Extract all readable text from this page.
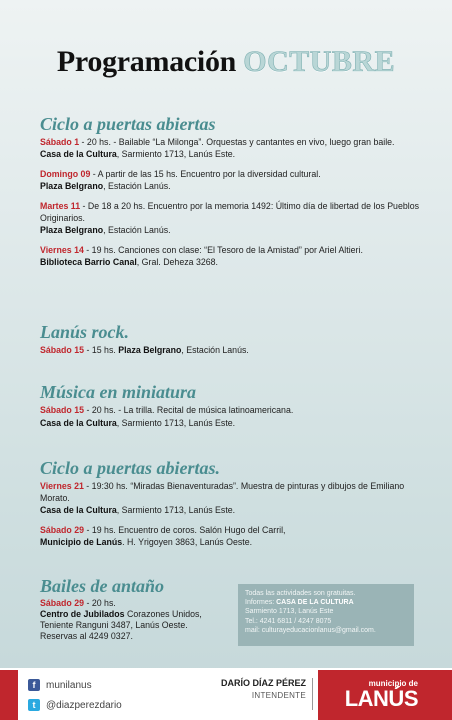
Programación OCTUBRE
Ciclo a puertas abiertas
Sábado 1 - 20 hs. - Bailable “La Milonga”. Orquestas y cantantes en vivo, luego gran baile.
Casa de la Cultura, Sarmiento 1713, Lanús Este.
Domingo 09 - A partir de las 15 hs. Encuentro por la diversidad cultural.
Plaza Belgrano, Estación Lanús.
Martes 11 - De 18 a 20 hs. Encuentro por la memoria 1492: Último día de libertad de los Pueblos Originarios.
Plaza Belgrano, Estación Lanús.
Viernes 14 - 19 hs. Canciones con clase: “El Tesoro de la Amistad” por Ariel Altieri.
Biblioteca Barrio Canal, Gral. Deheza 3268.
Lanús rock.
Sábado 15 - 15 hs. Plaza Belgrano, Estación Lanús.
Música en miniatura
Sábado 15 - 20 hs. - La trilla. Recital de música latinoamericana.
Casa de la Cultura, Sarmiento 1713, Lanús Este.
Ciclo a puertas abiertas.
Viernes 21 - 19:30 hs. “Miradas Bienaventuradas”. Muestra de pinturas y dibujos de Emiliano Morato.
Casa de la Cultura, Sarmiento 1713, Lanús Este.
Sábado 29 - 19 hs. Encuentro de coros. Salón Hugo del Carril,
Municipio de Lanús. H. Yrigoyen 3863, Lanús Oeste.
Bailes de antaño
Sábado 29 - 20 hs.
Centro de Jubilados Corazones Unidos,
Teniente Ranguni 3487, Lanús Oeste.
Reservas al 4249 0327.
Todas las actividades son gratuitas.
Informes: CASA DE LA CULTURA
Sarmiento 1713, Lanús Este
Tel.: 4241 6811 / 4247 8075
mail: culturayeducacionlanus@gmail.com.
f	munilanus
t	@diazperezdario
DARÍO DÍAZ PÉREZ
INTENDENTE
municipio de
LANÚS
